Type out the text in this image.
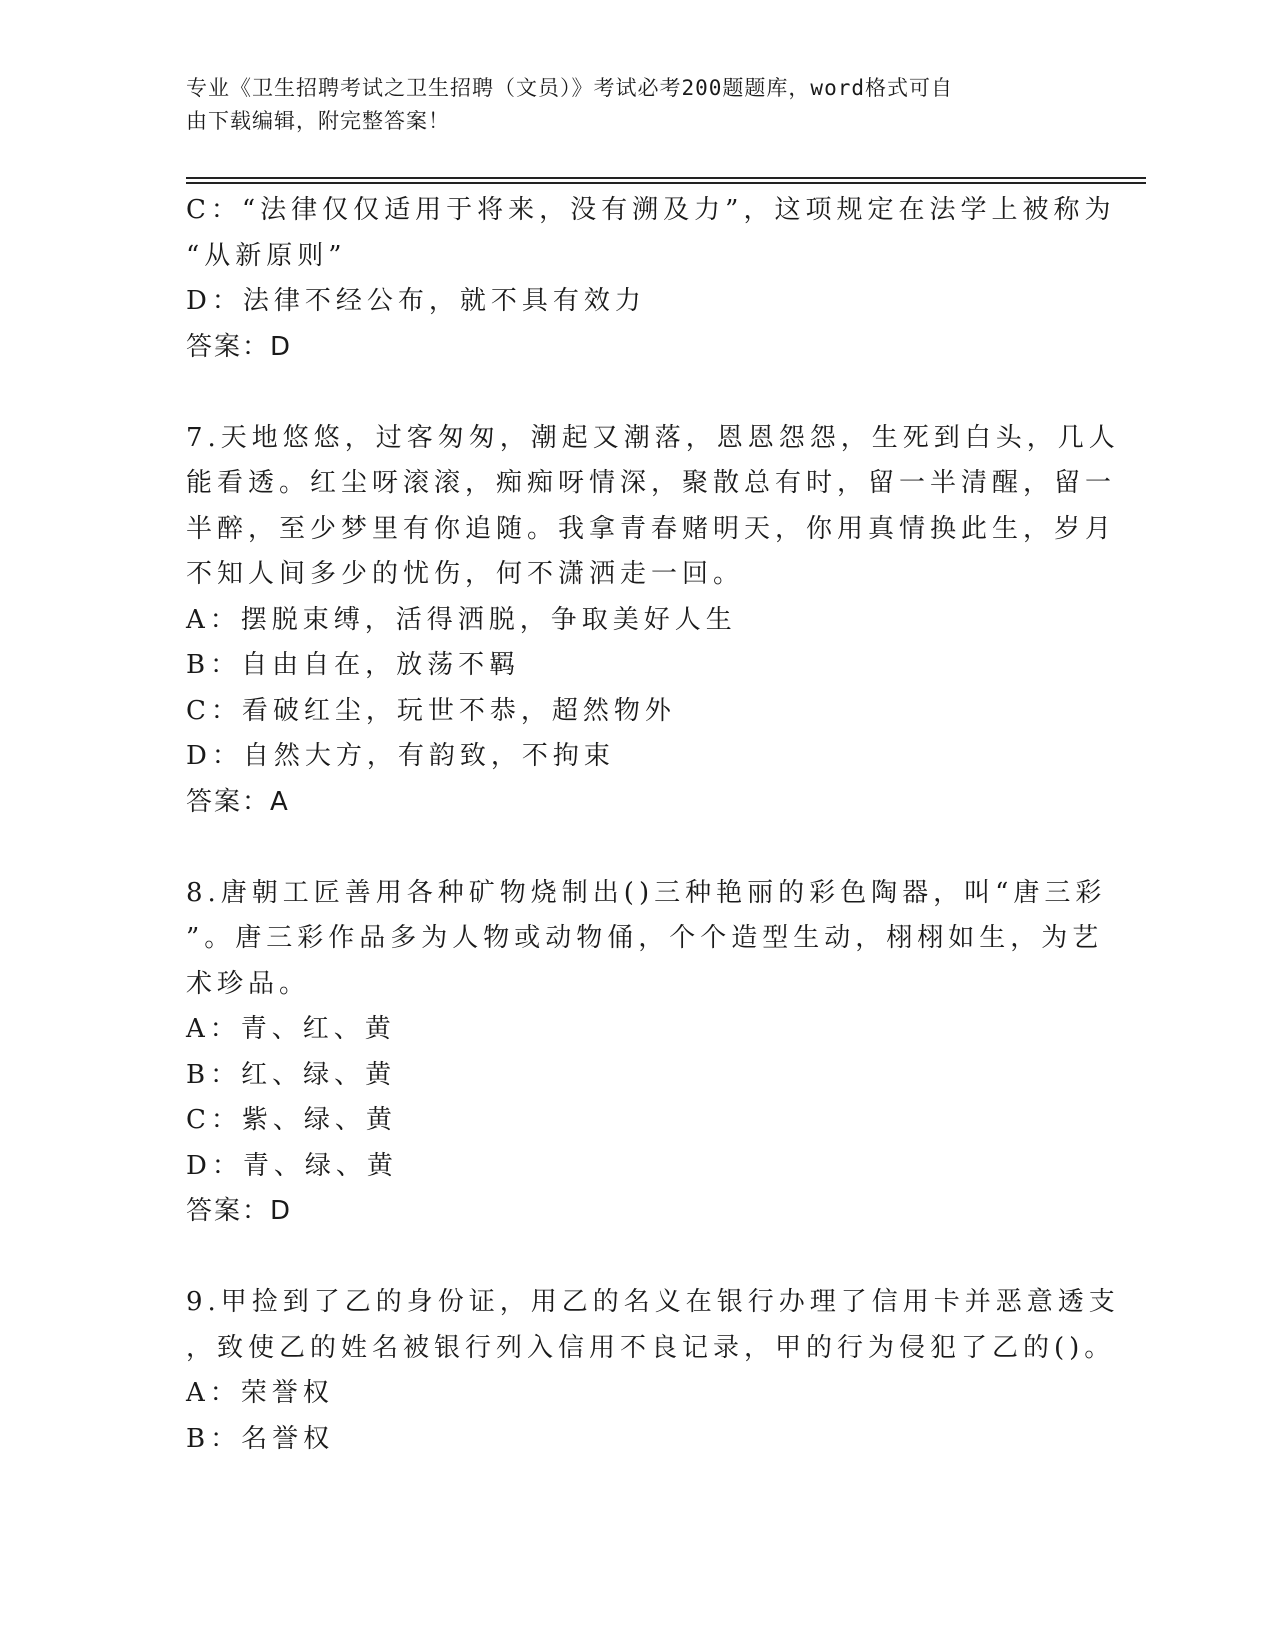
专业《卫生招聘考试之卫生招聘（文员）》考试必考200题题库，word格式可自
由下载编辑，附完整答案！
C：“法律仅仅适用于将来，没有溯及力”，这项规定在法学上被称为
“从新原则”
D：法律不经公布，就不具有效力
答案：D
7.天地悠悠，过客匆匆，潮起又潮落，恩恩怨怨，生死到白头，几人
能看透。红尘呀滚滚，痴痴呀情深，聚散总有时，留一半清醒，留一
半醉，至少梦里有你追随。我拿青春赌明天，你用真情换此生，岁月
不知人间多少的忧伤，何不潇洒走一回。
A：摆脱束缚，活得洒脱，争取美好人生
B：自由自在，放荡不羁
C：看破红尘，玩世不恭，超然物外
D：自然大方，有韵致，不拘束
答案：A
8.唐朝工匠善用各种矿物烧制出()三种艳丽的彩色陶器，叫“唐三彩
”。唐三彩作品多为人物或动物俑，个个造型生动，栩栩如生，为艺
术珍品。
A：青、红、黄
B：红、绿、黄
C：紫、绿、黄
D：青、绿、黄
答案：D
9.甲捡到了乙的身份证，用乙的名义在银行办理了信用卡并恶意透支
，致使乙的姓名被银行列入信用不良记录，甲的行为侵犯了乙的()。
A：荣誉权
B：名誉权
